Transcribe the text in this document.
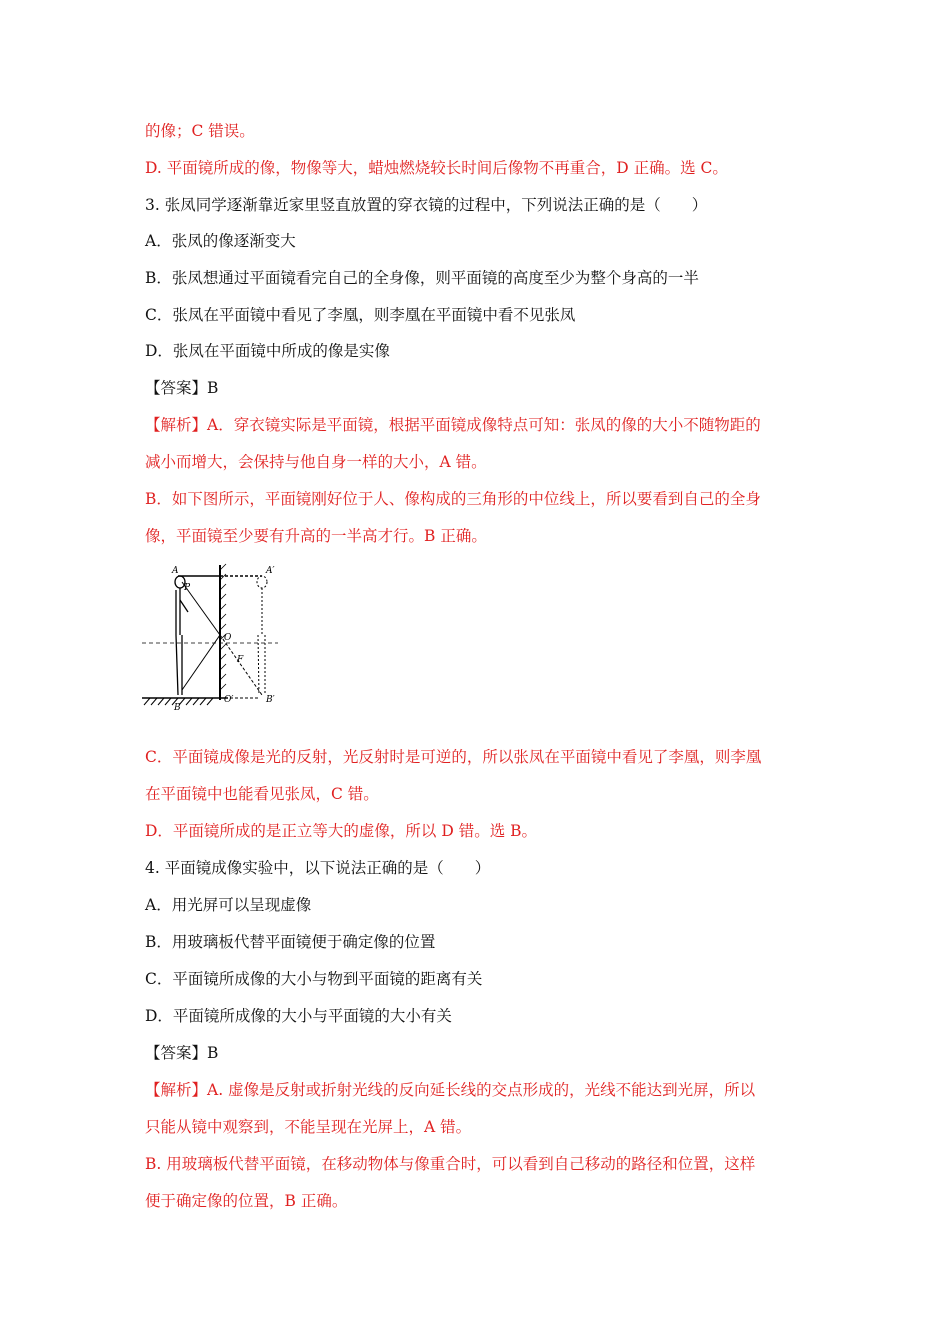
的像；C 错误。
D. 平面镜所成的像，物像等大，蜡烛燃烧较长时间后像物不再重合，D 正确。选 C。
3. 张凤同学逐渐靠近家里竖直放置的穿衣镜的过程中，下列说法正确的是（　　）
A．张凤的像逐渐变大
B．张凤想通过平面镜看完自己的全身像，则平面镜的高度至少为整个身高的一半
C．张凤在平面镜中看见了李凰，则李凰在平面镜中看不见张凤
D．张凤在平面镜中所成的像是实像
【答案】B
【解析】A．穿衣镜实际是平面镜，根据平面镜成像特点可知：张凤的像的大小不随物距的
减小而增大，会保持与他自身一样的大小，A 错。
B．如下图所示，平面镜刚好位于人、像构成的三角形的中位线上，所以要看到自己的全身
像，平面镜至少要有升高的一半高才行。B 正确。
A	A′
P
O
F
O′	B′
B
C．平面镜成像是光的反射，光反射时是可逆的，所以张凤在平面镜中看见了李凰，则李凰
在平面镜中也能看见张凤，C 错。
D．平面镜所成的是正立等大的虚像，所以 D 错。选 B。
4. 平面镜成像实验中，以下说法正确的是（　　）
A．用光屏可以呈现虚像
B．用玻璃板代替平面镜便于确定像的位置
C．平面镜所成像的大小与物到平面镜的距离有关
D．平面镜所成像的大小与平面镜的大小有关
【答案】B
【解析】A. 虚像是反射或折射光线的反向延长线的交点形成的，光线不能达到光屏，所以
只能从镜中观察到，不能呈现在光屏上，A 错。
B. 用玻璃板代替平面镜，在移动物体与像重合时，可以看到自己移动的路径和位置，这样
便于确定像的位置，B 正确。
